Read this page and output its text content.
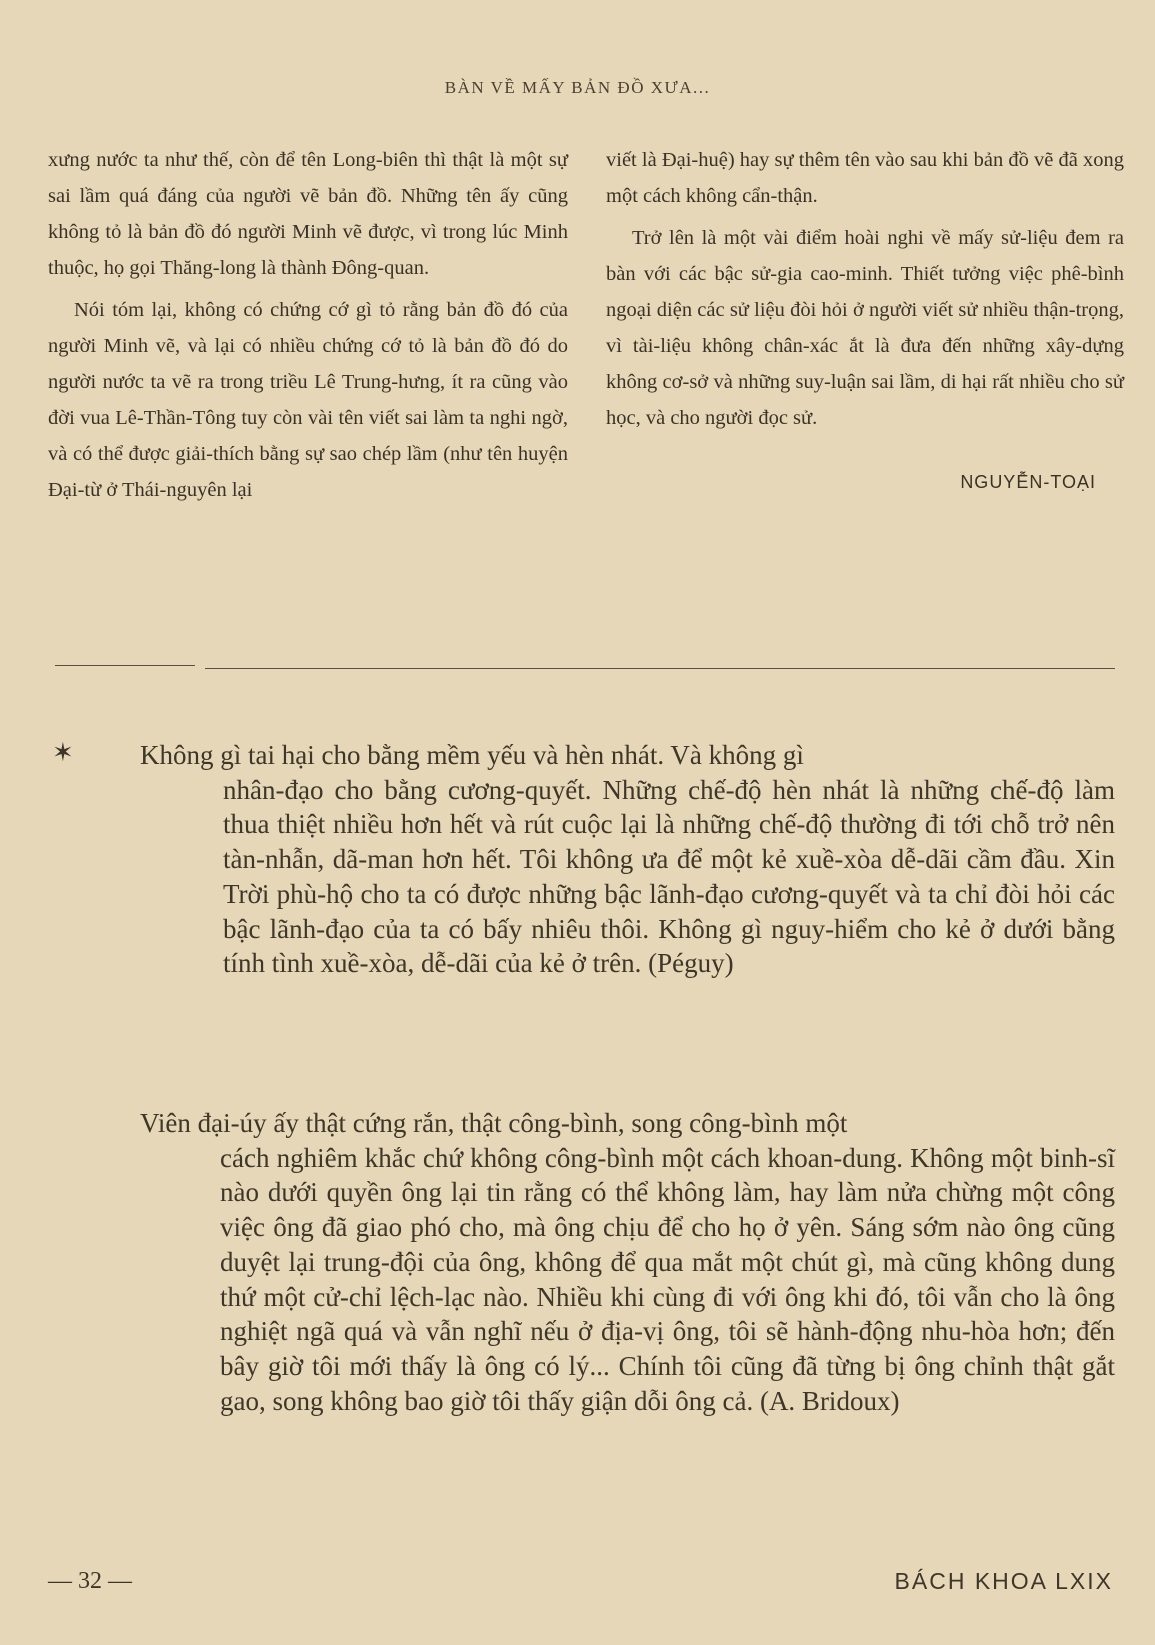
BÀN VỀ MẤY BẢN ĐỒ XƯA...

xưng nước ta như thế, còn để tên Long-biên thì thật là một sự sai lầm quá đáng của người vẽ bản đồ. Những tên ấy cũng không tỏ là bản đồ đó người Minh vẽ được, vì trong lúc Minh thuộc, họ gọi Thăng-long là thành Đông-quan.

Nói tóm lại, không có chứng cớ gì tỏ rằng bản đồ đó của người Minh vẽ, và lại có nhiều chứng cớ tỏ là bản đồ đó do người nước ta vẽ ra trong triều Lê Trung-hưng, ít ra cũng vào đời vua Lê-Thần-Tông tuy còn vài tên viết sai làm ta nghi ngờ, và có thể được giải-thích bằng sự sao chép lầm (như tên huyện Đại-từ ở Thái-nguyên lại

viết là Đại-huệ) hay sự thêm tên vào sau khi bản đồ vẽ đã xong một cách không cẩn-thận.

Trở lên là một vài điểm hoài nghi về mấy sử-liệu đem ra bàn với các bậc sử-gia cao-minh. Thiết tưởng việc phê-bình ngoại diện các sử liệu đòi hỏi ở người viết sử nhiều thận-trọng, vì tài-liệu không chân-xác ắt là đưa đến những xây-dựng không cơ-sở và những suy-luận sai lầm, di hại rất nhiều cho sử học, và cho người đọc sử.

NGUYỄN-TOẠI

✶ Không gì tai hại cho bằng mềm yếu và hèn nhát. Và không gì
nhân-đạo cho bằng cương-quyết. Những chế-độ hèn nhát là những chế-độ làm thua thiệt nhiều hơn hết và rút cuộc lại là những chế-độ thường đi tới chỗ trở nên tàn-nhẫn, dã-man hơn hết. Tôi không ưa để một kẻ xuề-xòa dễ-dãi cầm đầu. Xin Trời phù-hộ cho ta có được những bậc lãnh-đạo cương-quyết và ta chỉ đòi hỏi các bậc lãnh-đạo của ta có bấy nhiêu thôi. Không gì nguy-hiểm cho kẻ ở dưới bằng tính tình xuề-xòa, dễ-dãi của kẻ ở trên. (Péguy)
Viên đại-úy ấy thật cứng rắn, thật công-bình, song công-bình một
cách nghiêm khắc chứ không công-bình một cách khoan-dung. Không một binh-sĩ nào dưới quyền ông lại tin rằng có thể không làm, hay làm nửa chừng một công việc ông đã giao phó cho, mà ông chịu để cho họ ở yên. Sáng sớm nào ông cũng duyệt lại trung-đội của ông, không để qua mắt một chút gì, mà cũng không dung thứ một cử-chỉ lệch-lạc nào. Nhiều khi cùng đi với ông khi đó, tôi vẫn cho là ông nghiệt ngã quá và vẫn nghĩ nếu ở địa-vị ông, tôi sẽ hành-động nhu-hòa hơn; đến bây giờ tôi mới thấy là ông có lý... Chính tôi cũng đã từng bị ông chỉnh thật gắt gao, song không bao giờ tôi thấy giận dỗi ông cả. (A. Bridoux)
— 32 —	BÁCH KHOA LXIX
